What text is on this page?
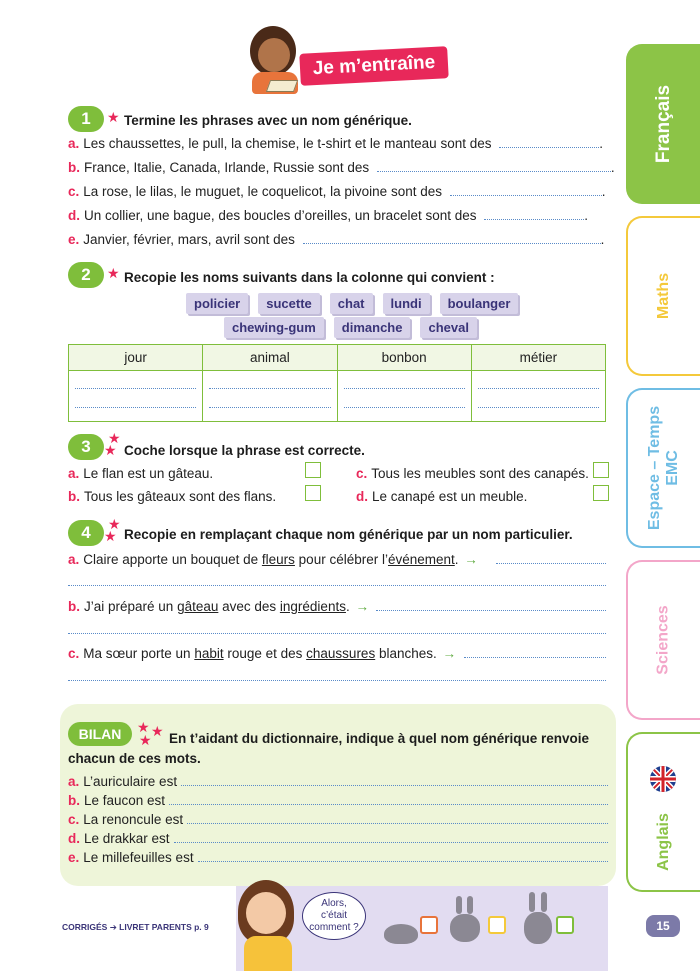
Je m’entraîne
1	★ Termine les phrases avec un nom générique.
a. Les chaussettes, le pull, la chemise, le t-shirt et le manteau sont des	.
b. France, Italie, Canada, Irlande, Russie sont des	.
c. La rose, le lilas, le muguet, le coquelicot, la pivoine sont des	.
d. Un collier, une bague, des boucles d’oreilles, un bracelet sont des	.
e. Janvier, février, mars, avril sont des	.
2	★ Recopie les noms suivants dans la colonne qui convient :
policier	sucette	chat	lundi	boulanger
chewing-gum	dimanche	cheval
jour	animal	bonbon	métier

3	★
★ Coche lorsque la phrase est correcte.
a. Le flan est un gâteau.	c. Tous les meubles sont des canapés.
b. Tous les gâteaux sont des flans.	d. Le canapé est un meuble.
4	★
★ Recopie en remplaçant chaque nom générique par un nom particulier.
a. Claire apporte un bouquet de fleurs pour célébrer l’événement. →
b. J’ai préparé un gâteau avec des ingrédients. →
c. Ma sœur porte un habit rouge et des chaussures blanches. →
BILAN	★ ★
★ En t’aidant du dictionnaire, indique à quel nom générique renvoie
chacun de ces mots.
a. L’auriculaire est
b. Le faucon est
c. La renoncule est
d. Le drakkar est
e. Le millefeuilles est
Français
Maths
Espace – Temps EMC
Sciences
Anglais
CORRIGÉS ➔ LIVRET PARENTS p. 9
Alors,
c’était
comment ?	15
